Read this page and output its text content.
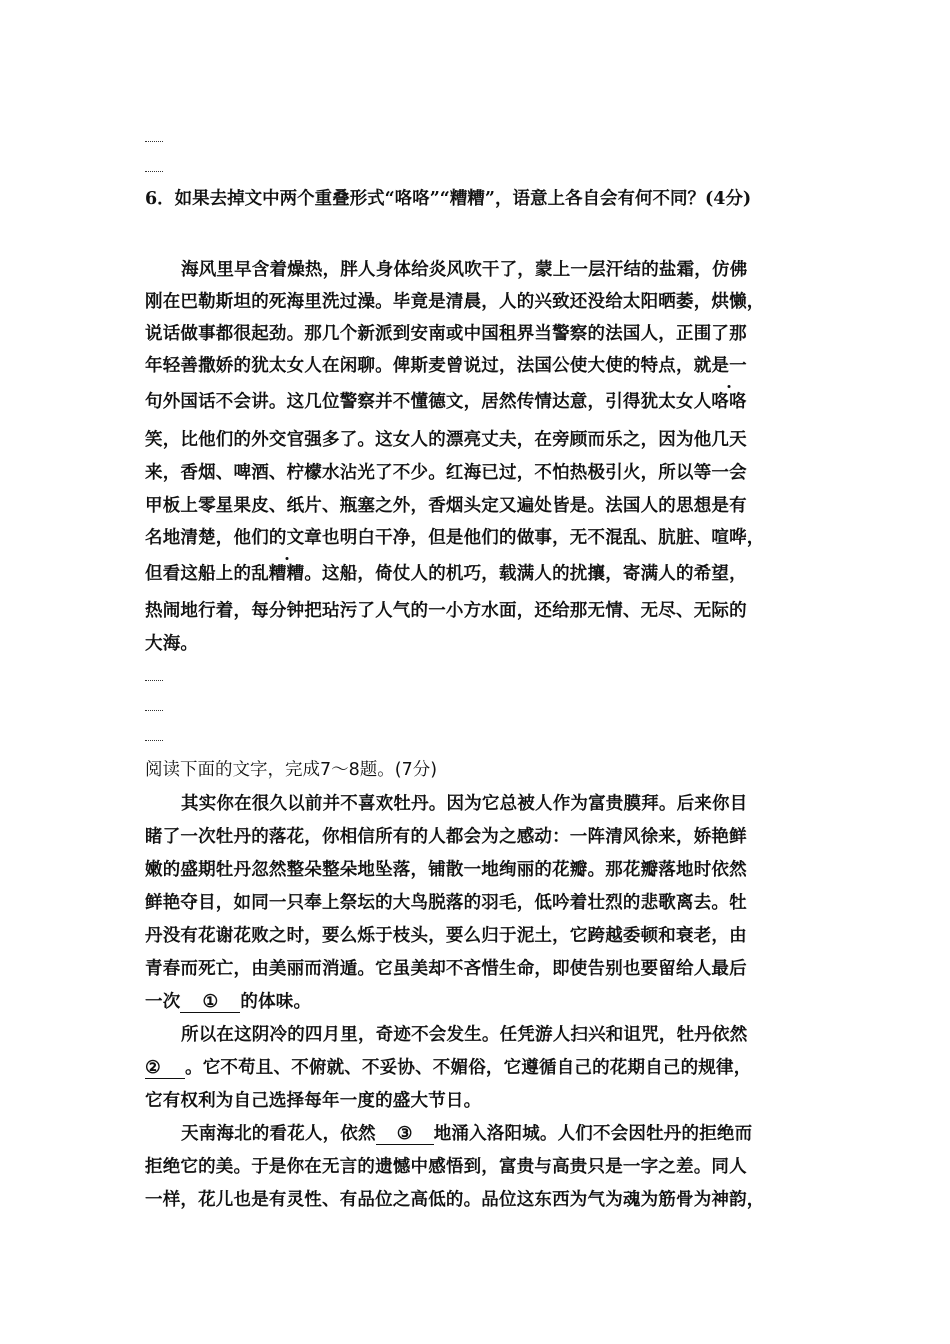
6．如果去掉文中两个重叠形式“咯咯”“糟糟”，语意上各自会有何不同？(4分)
海风里早含着燥热，胖人身体给炎风吹干了，蒙上一层汗结的盐霜，仿佛
刚在巴勒斯坦的死海里洗过澡。毕竟是清晨，人的兴致还没给太阳晒萎，烘懒，
说话做事都很起劲。那几个新派到安南或中国租界当警察的法国人，正围了那
年轻善撒娇的犹太女人在闲聊。俾斯麦曾说过，法国公使大使的特点，就是一
句外国话不会讲。这几位警察并不懂德文，居然传情达意，引得犹太女人咯咯
笑，比他们的外交官强多了。这女人的漂亮丈夫，在旁顾而乐之，因为他几天
来，香烟、啤酒、柠檬水沾光了不少。红海已过，不怕热极引火，所以等一会
甲板上零星果皮、纸片、瓶塞之外，香烟头定又遍处皆是。法国人的思想是有
名地清楚，他们的文章也明白干净，但是他们的做事，无不混乱、肮脏、喧哗，
但看这船上的乱糟糟。这船，倚仗人的机巧，载满人的扰攘，寄满人的希望，
热闹地行着，每分钟把玷污了人气的一小方水面，还给那无情、无尽、无际的
大海。
阅读下面的文字，完成7～8题。(7分)
其实你在很久以前并不喜欢牡丹。因为它总被人作为富贵膜拜。后来你目
睹了一次牡丹的落花，你相信所有的人都会为之感动：一阵清风徐来，娇艳鲜
嫩的盛期牡丹忽然整朵整朵地坠落，铺散一地绚丽的花瓣。那花瓣落地时依然
鲜艳夺目，如同一只奉上祭坛的大鸟脱落的羽毛，低吟着壮烈的悲歌离去。牡
丹没有花谢花败之时，要么烁于枝头，要么归于泥土，它跨越委顿和衰老，由
青春而死亡，由美丽而消遁。它虽美却不吝惜生命，即使告别也要留给人最后
一次 ① 的体味。
所以在这阴冷的四月里，奇迹不会发生。任凭游人扫兴和诅咒，牡丹依然
② 。它不苟且、不俯就、不妥协、不媚俗，它遵循自己的花期自己的规律，
它有权利为自己选择每年一度的盛大节日。
天南海北的看花人，依然 ③ 地涌入洛阳城。人们不会因牡丹的拒绝而
拒绝它的美。于是你在无言的遗憾中感悟到，富贵与高贵只是一字之差。同人
一样，花儿也是有灵性、有品位之高低的。品位这东西为气为魂为筋骨为神韵，
